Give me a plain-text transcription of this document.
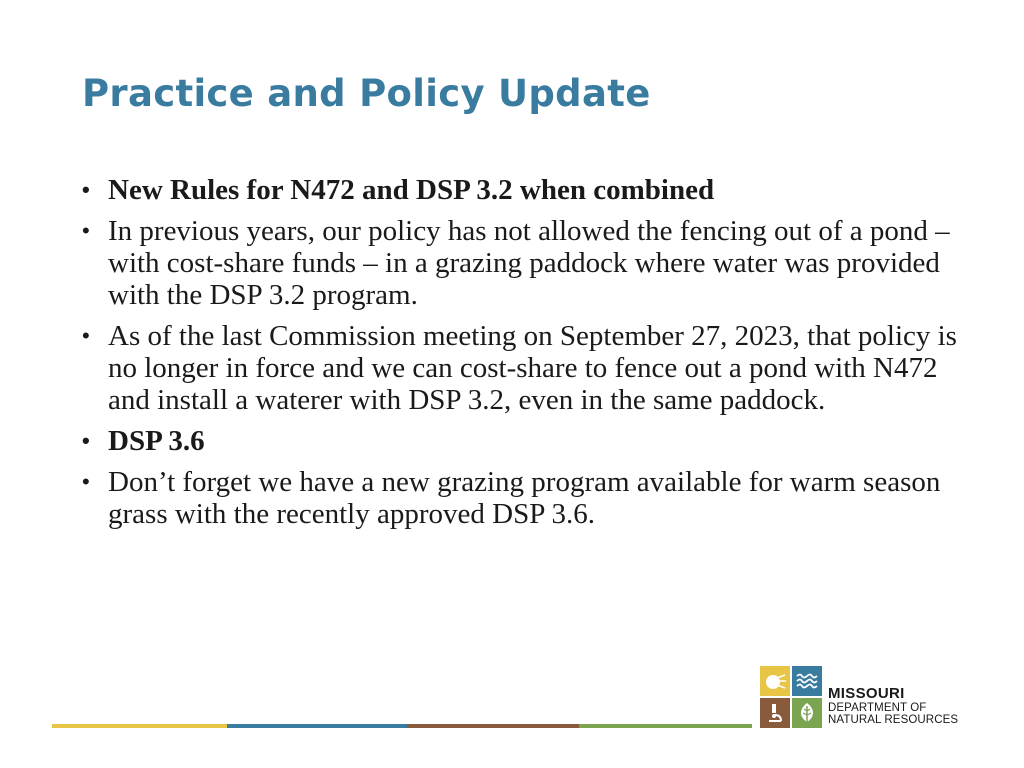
Practice and Policy Update
• New Rules for N472 and DSP 3.2 when combined
• In previous years, our policy has not allowed the fencing out of a pond – with cost-share funds – in a grazing paddock where water was provided with the DSP 3.2 program.
• As of the last Commission meeting on September 27, 2023, that policy is no longer in force and we can cost-share to fence out a pond with N472 and install a waterer with DSP 3.2, even in the same paddock.
• DSP 3.6
• Don’t forget we have a new grazing program available for warm season grass with the recently approved DSP 3.6.
MISSOURI
DEPARTMENT OF
NATURAL RESOURCES
